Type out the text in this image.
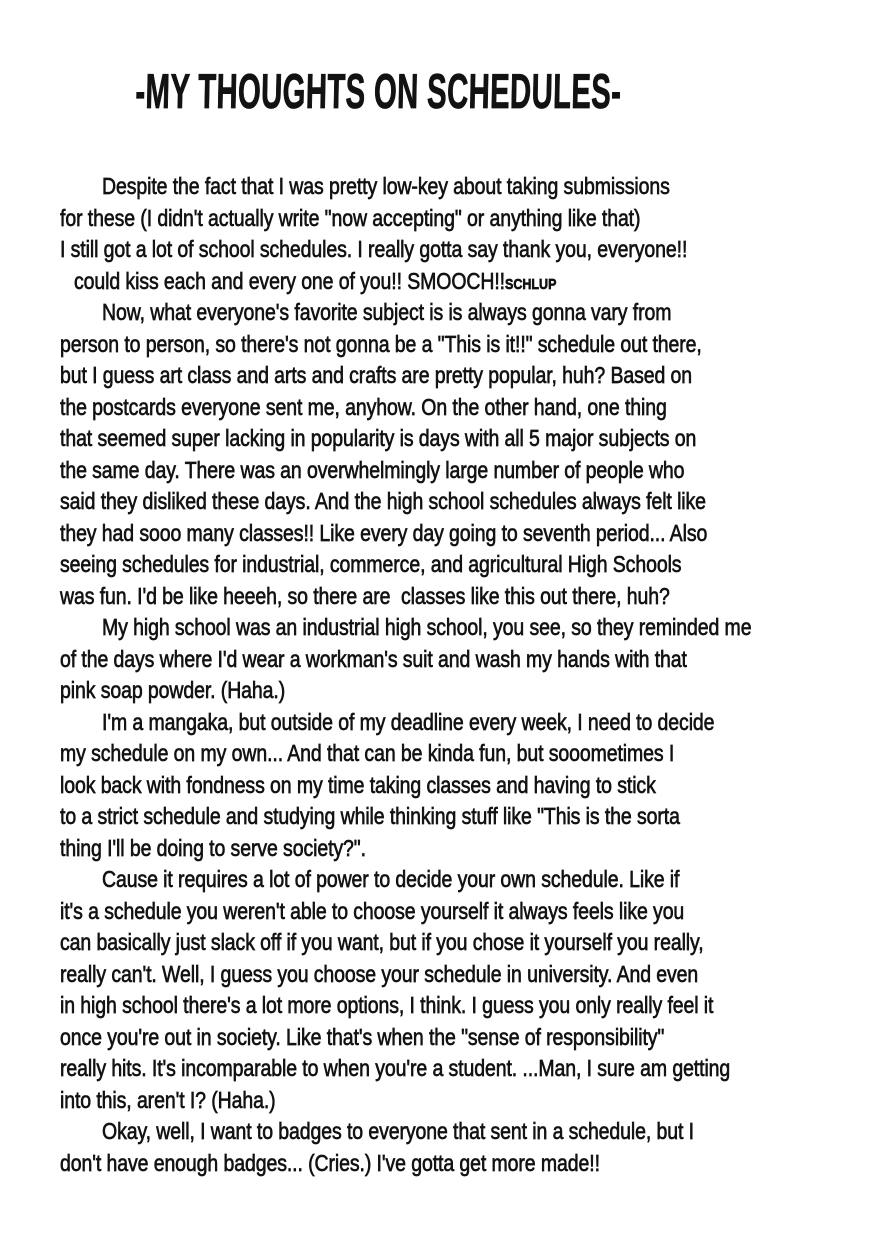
-MY THOUGHTS ON SCHEDULES-
Despite the fact that I was pretty low-key about taking submissions
for these (I didn't actually write "now accepting" or anything like that)
I still got a lot of school schedules. I really gotta say thank you, everyone!!
could kiss each and every one of you!! SMOOCH!!SCHLUP
Now, what everyone's favorite subject is is always gonna vary from
person to person, so there's not gonna be a "This is it!!" schedule out there,
but I guess art class and arts and crafts are pretty popular, huh? Based on
the postcards everyone sent me, anyhow. On the other hand, one thing
that seemed super lacking in popularity is days with all 5 major subjects on
the same day. There was an overwhelmingly large number of people who
said they disliked these days. And the high school schedules always felt like
they had sooo many classes!! Like every day going to seventh period... Also
seeing schedules for industrial, commerce, and agricultural High Schools
was fun. I'd be like heeeh, so there are  classes like this out there, huh?
My high school was an industrial high school, you see, so they reminded me
of the days where I'd wear a workman's suit and wash my hands with that
pink soap powder. (Haha.)
I'm a mangaka, but outside of my deadline every week, I need to decide
my schedule on my own... And that can be kinda fun, but sooometimes I
look back with fondness on my time taking classes and having to stick
to a strict schedule and studying while thinking stuff like "This is the sorta
thing I'll be doing to serve society?".
Cause it requires a lot of power to decide your own schedule. Like if
it's a schedule you weren't able to choose yourself it always feels like you
can basically just slack off if you want, but if you chose it yourself you really,
really can't. Well, I guess you choose your schedule in university. And even
in high school there's a lot more options, I think. I guess you only really feel it
once you're out in society. Like that's when the "sense of responsibility"
really hits. It's incomparable to when you're a student. ...Man, I sure am getting
into this, aren't I? (Haha.)
Okay, well, I want to badges to everyone that sent in a schedule, but I
don't have enough badges... (Cries.) I've gotta get more made!!
